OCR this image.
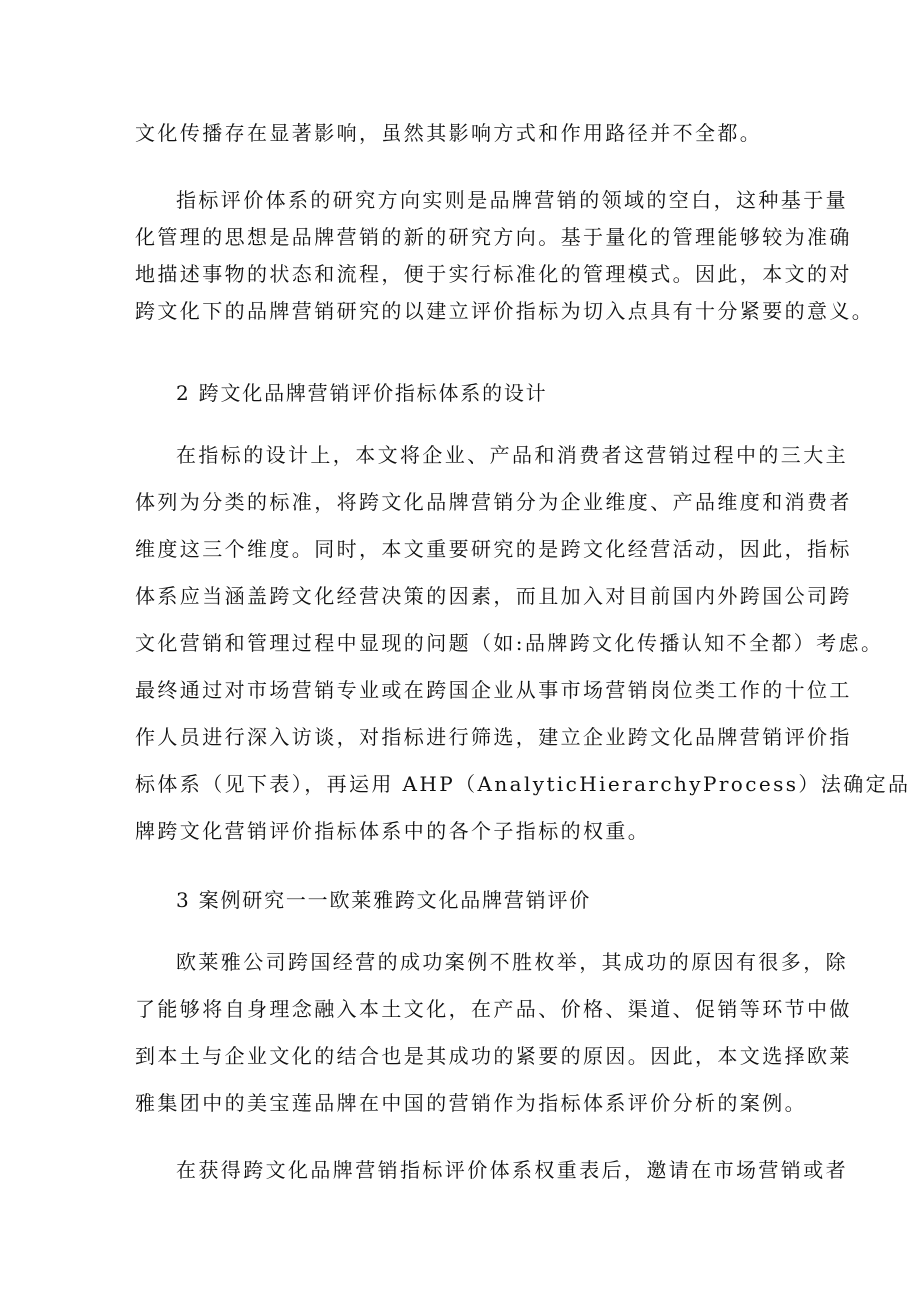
文化传播存在显著影响，虽然其影响方式和作用路径并不全都。
指标评价体系的研究方向实则是品牌营销的领域的空白，这种基于量
化管理的思想是品牌营销的新的研究方向。基于量化的管理能够较为准确
地描述事物的状态和流程，便于实行标准化的管理模式。因此，本文的对
跨文化下的品牌营销研究的以建立评价指标为切入点具有十分紧要的意义。
2 跨文化品牌营销评价指标体系的设计
在指标的设计上，本文将企业、产品和消费者这营销过程中的三大主
体列为分类的标准，将跨文化品牌营销分为企业维度、产品维度和消费者
维度这三个维度。同时，本文重要研究的是跨文化经营活动，因此，指标
体系应当涵盖跨文化经营决策的因素，而且加入对目前国内外跨国公司跨
文化营销和管理过程中显现的问题（如:品牌跨文化传播认知不全都）考虑。
最终通过对市场营销专业或在跨国企业从事市场营销岗位类工作的十位工
作人员进行深入访谈，对指标进行筛选，建立企业跨文化品牌营销评价指
标体系（见下表），再运用 AHP（AnalyticHierarchyProcess）法确定品
牌跨文化营销评价指标体系中的各个子指标的权重。
3 案例研究一一欧莱雅跨文化品牌营销评价
欧莱雅公司跨国经营的成功案例不胜枚举，其成功的原因有很多，除
了能够将自身理念融入本土文化，在产品、价格、渠道、促销等环节中做
到本土与企业文化的结合也是其成功的紧要的原因。因此，本文选择欧莱
雅集团中的美宝莲品牌在中国的营销作为指标体系评价分析的案例。
在获得跨文化品牌营销指标评价体系权重表后，邀请在市场营销或者
